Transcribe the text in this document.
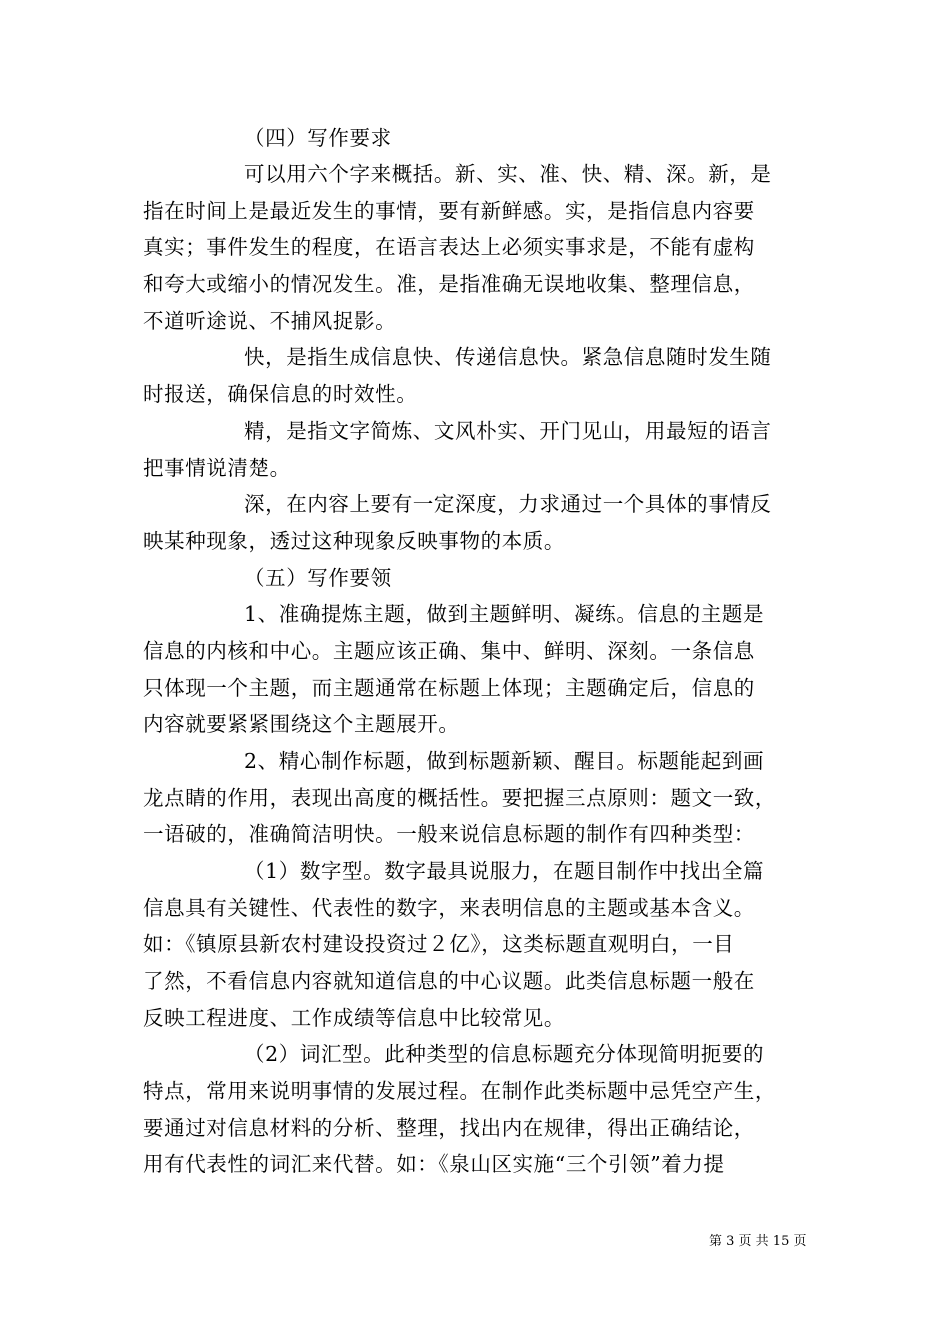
（四）写作要求
可以用六个字来概括。新、实、准、快、精、深。新，是
指在时间上是最近发生的事情，要有新鲜感。实，是指信息内容要
真实；事件发生的程度，在语言表达上必须实事求是，不能有虚构
和夸大或缩小的情况发生。准，是指准确无误地收集、整理信息，
不道听途说、不捕风捉影。
快，是指生成信息快、传递信息快。紧急信息随时发生随
时报送，确保信息的时效性。
精，是指文字简炼、文风朴实、开门见山，用最短的语言
把事情说清楚。
深，在内容上要有一定深度，力求通过一个具体的事情反
映某种现象，透过这种现象反映事物的本质。
（五）写作要领
1、准确提炼主题，做到主题鲜明、凝练。信息的主题是
信息的内核和中心。主题应该正确、集中、鲜明、深刻。一条信息
只体现一个主题，而主题通常在标题上体现；主题确定后，信息的
内容就要紧紧围绕这个主题展开。
2、精心制作标题，做到标题新颖、醒目。标题能起到画
龙点睛的作用，表现出高度的概括性。要把握三点原则：题文一致，
一语破的，准确简洁明快。一般来说信息标题的制作有四种类型：
（1）数字型。数字最具说服力，在题目制作中找出全篇
信息具有关键性、代表性的数字，来表明信息的主题或基本含义。
如：《镇原县新农村建设投资过２亿》，这类标题直观明白，一目
了然，不看信息内容就知道信息的中心议题。此类信息标题一般在
反映工程进度、工作成绩等信息中比较常见。
（2）词汇型。此种类型的信息标题充分体现简明扼要的
特点，常用来说明事情的发展过程。在制作此类标题中忌凭空产生，
要通过对信息材料的分析、整理，找出内在规律，得出正确结论，
用有代表性的词汇来代替。如：《泉山区实施“三个引领”着力提
第 3 页 共 15 页
